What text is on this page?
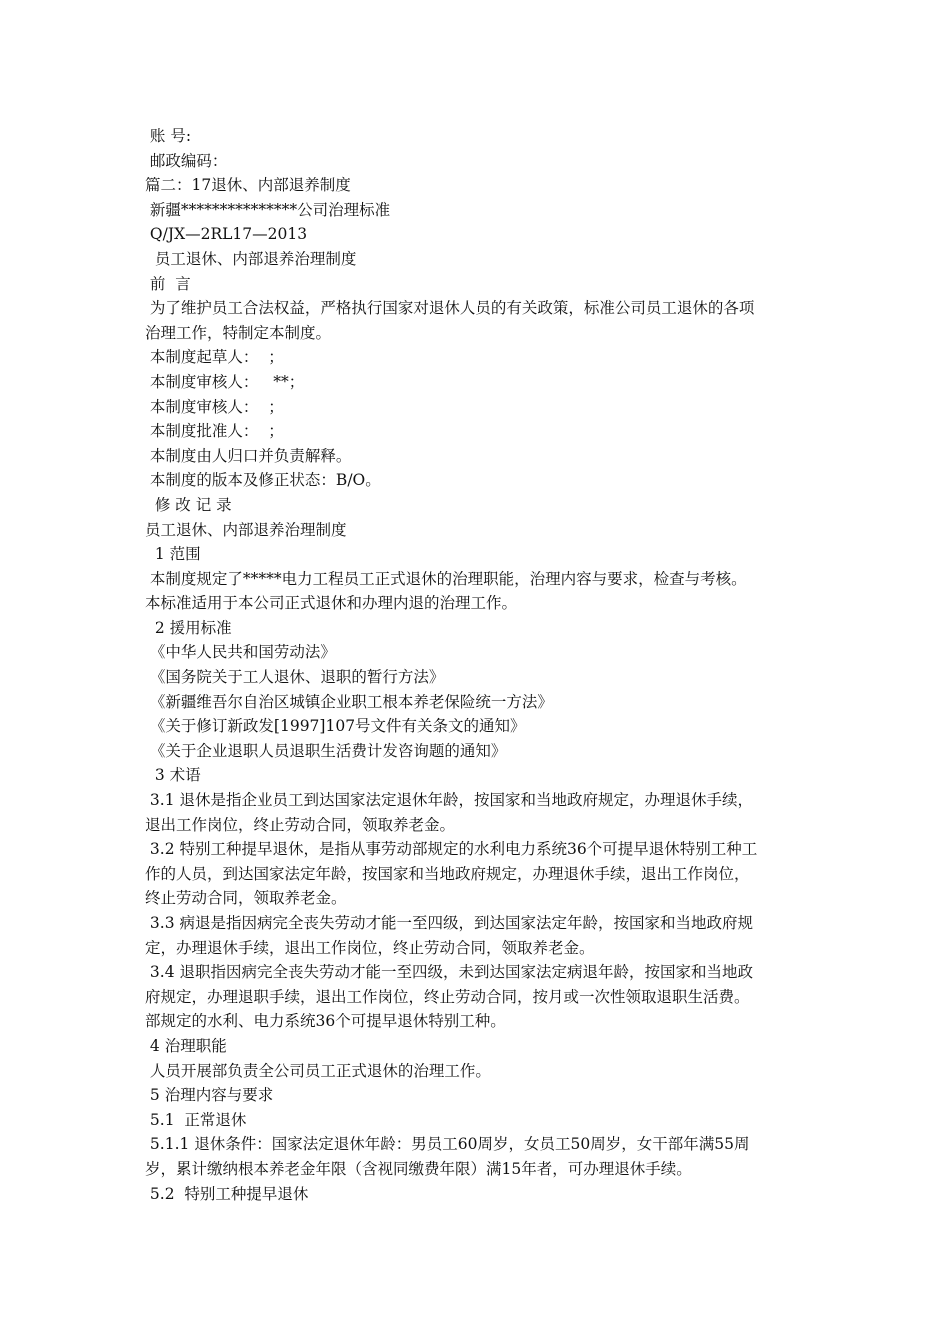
账 号:
邮政编码：
篇二：17退休、内部退养制度
新疆***************公司治理标准
Q/JX—2RL17—2013
员工退休、内部退养治理制度
前  言
为了维护员工合法权益，严格执行国家对退休人员的有关政策，标准公司员工退休的各项
治理工作，特制定本制度。
本制度起草人：  ；
本制度审核人：   **；
本制度审核人：  ；
本制度批准人：  ；
本制度由人归口并负责解释。
本制度的版本及修正状态：B/O。
修 改 记 录
员工退休、内部退养治理制度
1 范围
本制度规定了*****电力工程员工正式退休的治理职能，治理内容与要求，检查与考核。
本标准适用于本公司正式退休和办理内退的治理工作。
2 援用标准
《中华人民共和国劳动法》
《国务院关于工人退休、退职的暂行方法》
《新疆维吾尔自治区城镇企业职工根本养老保险统一方法》
《关于修订新政发[1997]107号文件有关条文的通知》
《关于企业退职人员退职生活费计发咨询题的通知》
3 术语
3.1 退休是指企业员工到达国家法定退休年龄，按国家和当地政府规定，办理退休手续，
退出工作岗位，终止劳动合同，领取养老金。
3.2 特别工种提早退休，是指从事劳动部规定的水利电力系统36个可提早退休特别工种工
作的人员，到达国家法定年龄，按国家和当地政府规定，办理退休手续，退出工作岗位，
终止劳动合同，领取养老金。
3.3 病退是指因病完全丧失劳动才能一至四级，到达国家法定年龄，按国家和当地政府规
定，办理退休手续，退出工作岗位，终止劳动合同，领取养老金。
3.4 退职指因病完全丧失劳动才能一至四级，未到达国家法定病退年龄，按国家和当地政
府规定，办理退职手续，退出工作岗位，终止劳动合同，按月或一次性领取退职生活费。
部规定的水利、电力系统36个可提早退休特别工种。
4 治理职能
人员开展部负责全公司员工正式退休的治理工作。
5 治理内容与要求
5.1  正常退休
5.1.1 退休条件：国家法定退休年龄：男员工60周岁，女员工50周岁，女干部年满55周
岁，累计缴纳根本养老金年限（含视同缴费年限）满15年者，可办理退休手续。
5.2  特别工种提早退休
